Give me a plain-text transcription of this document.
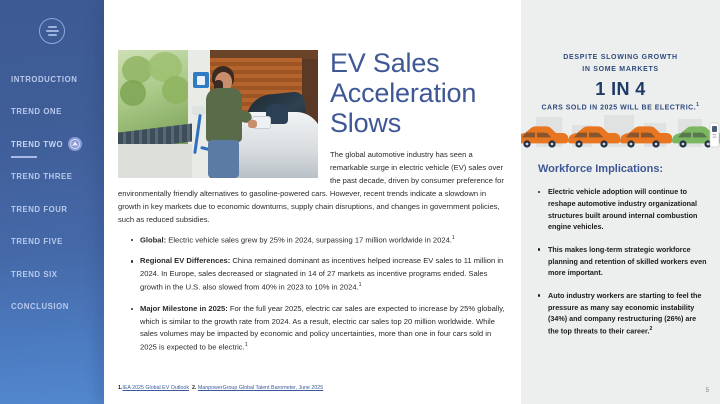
INTRODUCTION
TREND ONE
TREND TWO
TREND THREE
TREND FOUR
TREND FIVE
TREND SIX
CONCLUSION
EV Sales Acceleration Slows

The global automotive industry has seen a remarkable surge in electric vehicle (EV) sales over the past decade, driven by consumer preference for environmentally friendly alternatives to gasoline-powered cars. However, recent trends indicate a slowdown in growth in key markets due to economic downturns, supply chain disruptions, and changes in government policies, such as reduced subsidies.

Global: Electric vehicle sales grew by 25% in 2024, surpassing 17 million worldwide in 2024.$^1$
Regional EV Differences: China remained dominant as incentives helped increase EV sales to 11 million in 2024. In Europe, sales decreased or stagnated in 14 of 27 markets as incentive programs ended. Sales growth in the U.S. also slowed from 40% in 2023 to 10% in 2024.$^1$
Major Milestone in 2025: For the full year 2025, electric car sales are expected to increase by 25% globally, which is similar to the growth rate from 2024. As a result, electric car sales top 20 million worldwide. While sales volumes may be impacted by economic and policy uncertainties, more than one in four cars sold in 2025 is expected to be electric.$^1$
1.IEA 2025 Global EV Outlook 2. ManpowerGroup Global Talent Barometer, June 2025
DESPITE SLOWING GROWTH
IN SOME MARKETS
1 IN 4
CARS SOLD IN 2025 WILL BE ELECTRIC.$^1$
Workforce Implications:
Electric vehicle adoption will continue to reshape automotive industry organizational structures built around internal combustion engine vehicles.
This makes long-term strategic workforce planning and retention of skilled workers even more important.
Auto industry workers are starting to feel the pressure as many say economic instability (34%) and company restructuring (26%) are the top threats to their career.$^2$
5
